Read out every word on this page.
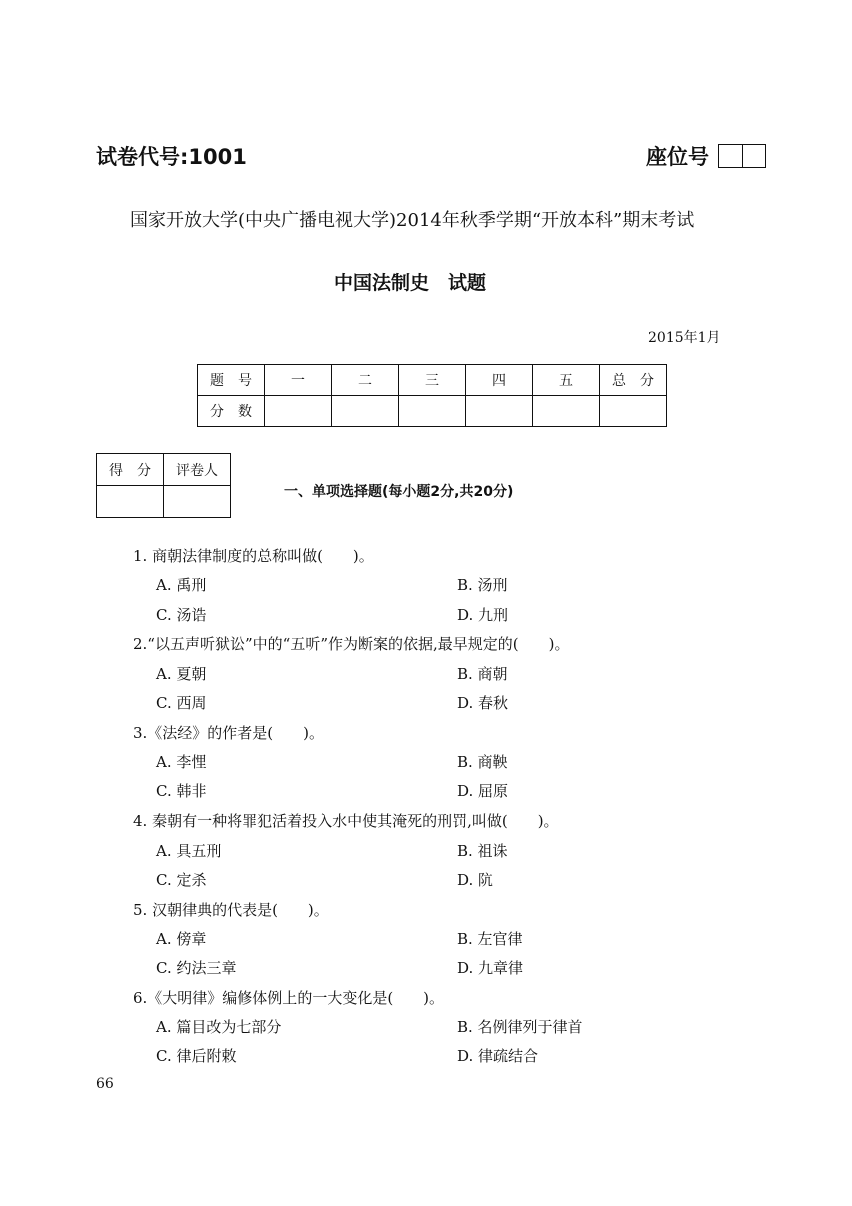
试卷代号:1001	座位号
国家开放大学(中央广播电视大学)2014年秋季学期“开放本科”期末考试
中国法制史　试题
2015年1月
题　号	一	二	三	四	五	总　分
分　数						
得　分	评卷人

一、单项选择题(每小题2分,共20分)
1. 商朝法律制度的总称叫做(　　)。
A. 禹刑	B. 汤刑
C. 汤诰	D. 九刑
2.“以五声听狱讼”中的“五听”作为断案的依据,最早规定的(　　)。
A. 夏朝	B. 商朝
C. 西周	D. 春秋
3.《法经》的作者是(　　)。
A. 李悝	B. 商鞅
C. 韩非	D. 屈原
4. 秦朝有一种将罪犯活着投入水中使其淹死的刑罚,叫做(　　)。
A. 具五刑	B. 祖诛
C. 定杀	D. 阬
5. 汉朝律典的代表是(　　)。
A. 傍章	B. 左官律
C. 约法三章	D. 九章律
6.《大明律》编修体例上的一大变化是(　　)。
A. 篇目改为七部分	B. 名例律列于律首
C. 律后附敕	D. 律疏结合
66
